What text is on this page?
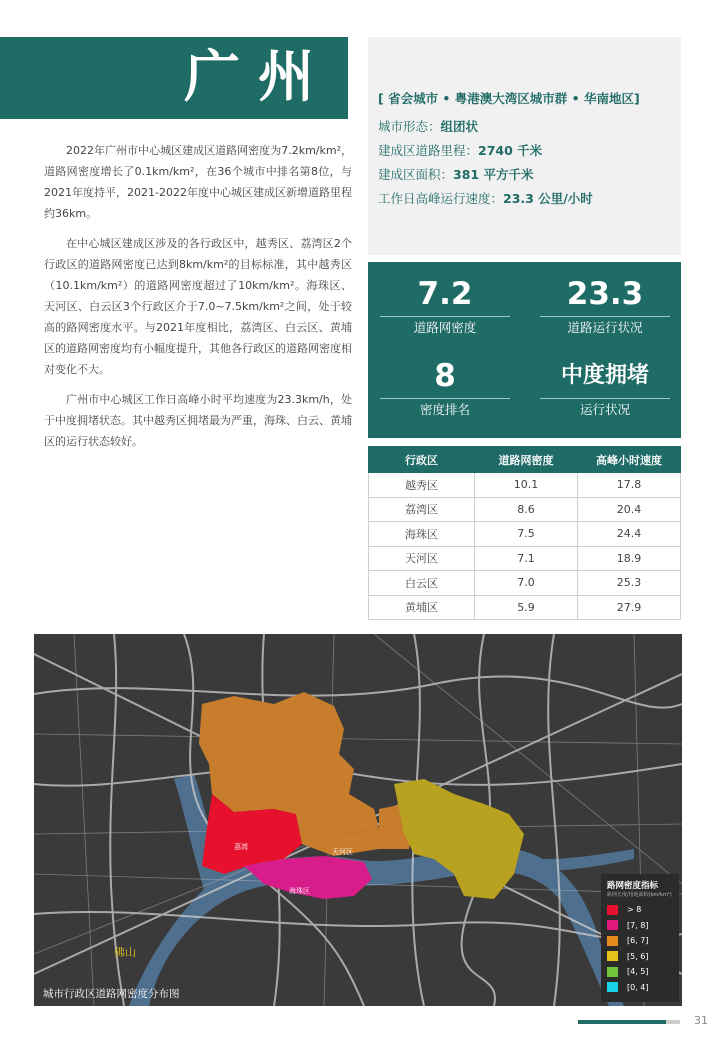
广州	[ 省会城市 • 粤港澳大湾区城市群 • 华南地区]
城市形态：组团状
建成区道路里程：2740 千米
建成区面积：381 平方千米
工作日高峰运行速度：23.3 公里/小时

2022年广州市中心城区建成区道路网密度为7.2km/km²，道路网密度增长了0.1km/km²，在36个城市中排名第8位，与2021年度持平，2021-2022年度中心城区建成区新增道路里程约36km。

在中心城区建成区涉及的各行政区中，越秀区、荔湾区2个行政区的道路网密度已达到8km/km²的目标标准，其中越秀区（10.1km/km²）的道路网密度超过了10km/km²。海珠区、天河区、白云区3个行政区介于7.0~7.5km/km²之间，处于较高的路网密度水平。与2021年度相比，荔湾区、白云区、黄埔区的道路网密度均有小幅度提升，其他各行政区的道路网密度相对变化不大。

广州市中心城区工作日高峰小时平均速度为23.3km/h，处于中度拥堵状态。其中越秀区拥堵最为严重，海珠、白云、黄埔区的运行状态较好。

7.2
道路网密度
23.3
道路运行状况
8
密度排名
中度拥堵
运行状况
行政区	道路网密度	高峰小时速度
越秀区	10.1	17.8
荔湾区	8.6	20.4
海珠区	7.5	24.4
天河区	7.1	18.9
白云区	7.0	25.3
黄埔区	5.9	27.9
海珠区
天河区
荔湾
佛山
路网密度指标
路网长度/用地面积(km/km²)
> 8
[7, 8]
[6, 7]
[5, 6]
[4, 5]
[0, 4]
城市行政区道路网密度分布图
31
